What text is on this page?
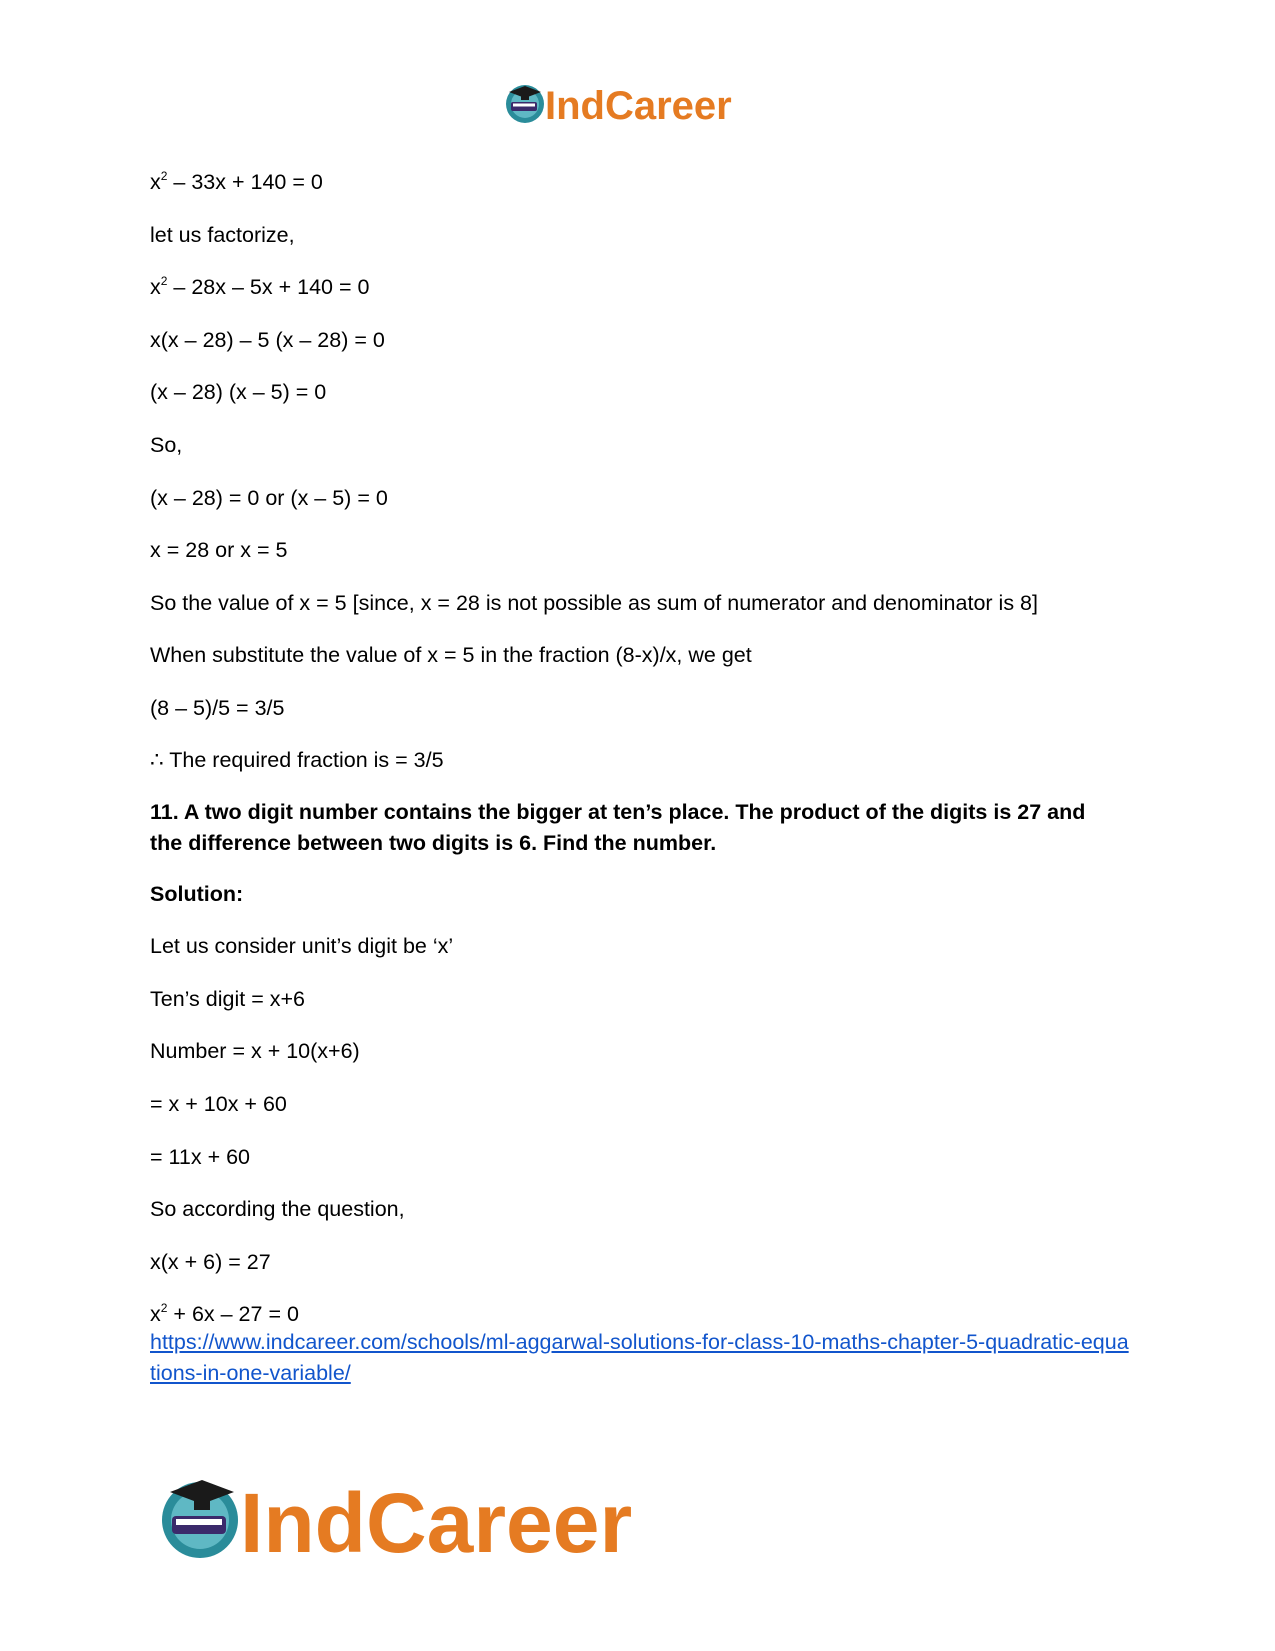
IndCareer
$x^2 - 33x + 140 = 0$
let us factorize,
$x^2 - 28x - 5x + 140 = 0$
x(x – 28) – 5 (x – 28) = 0
(x – 28) (x – 5) = 0
So,
(x – 28) = 0 or (x – 5) = 0
x = 28 or x = 5
So the value of x = 5 [since, x = 28 is not possible as sum of numerator and denominator is 8]
When substitute the value of x = 5 in the fraction (8-x)/x, we get
(8 – 5)/5 = 3/5
∴ The required fraction is = 3/5
11. A two digit number contains the bigger at ten’s place. The product of the digits is 27 and the difference between two digits is 6. Find the number.
Solution:
Let us consider unit’s digit be ‘x’
Ten’s digit = x+6
Number = x + 10(x+6)
= x + 10x + 60
= 11x + 60
So according the question,
x(x + 6) = 27
$x^2 + 6x - 27 = 0$
https://www.indcareer.com/schools/ml-aggarwal-solutions-for-class-10-maths-chapter-5-quadratic-equations-in-one-variable/
IndCareer
